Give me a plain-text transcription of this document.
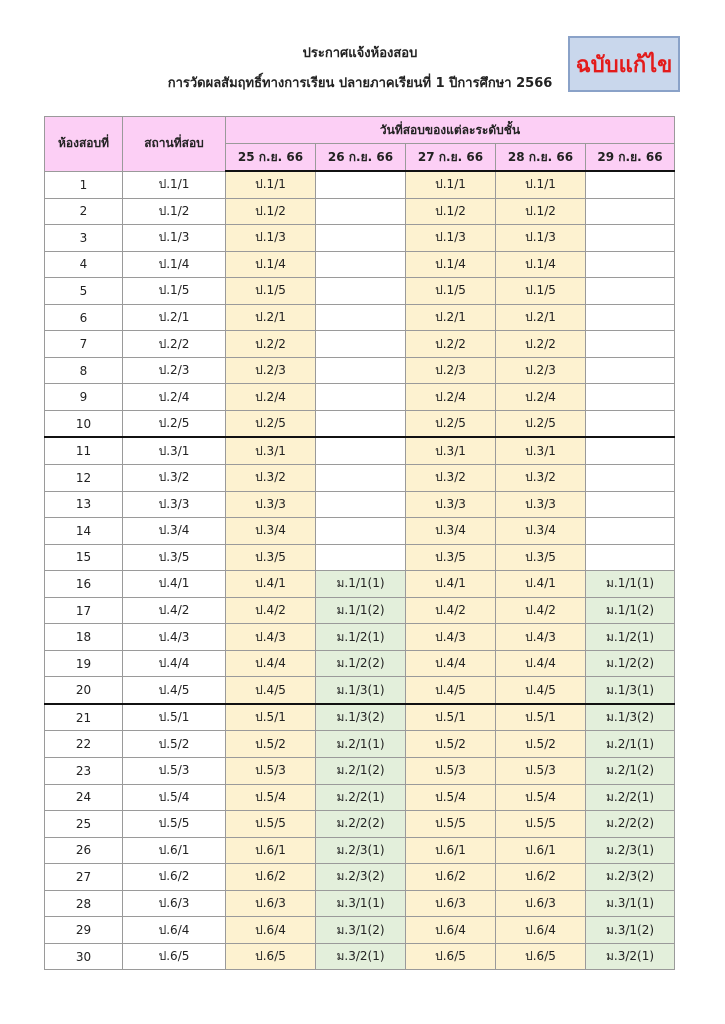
ประกาศแจ้งห้องสอบ
การวัดผลสัมฤทธิ์ทางการเรียน ปลายภาคเรียนที่ 1 ปีการศึกษา 2566
ฉบับแก้ไข
ห้องสอบที่	สถานที่สอบ	วันที่สอบของแต่ละระดับชั้น				
		25 ก.ย. 66	26 ก.ย. 66	27 ก.ย. 66	28 ก.ย. 66	29 ก.ย. 66
1	ป.1/1	ป.1/1		ป.1/1	ป.1/1	
2	ป.1/2	ป.1/2		ป.1/2	ป.1/2	
3	ป.1/3	ป.1/3		ป.1/3	ป.1/3	
4	ป.1/4	ป.1/4		ป.1/4	ป.1/4	
5	ป.1/5	ป.1/5		ป.1/5	ป.1/5	
6	ป.2/1	ป.2/1		ป.2/1	ป.2/1	
7	ป.2/2	ป.2/2		ป.2/2	ป.2/2	
8	ป.2/3	ป.2/3		ป.2/3	ป.2/3	
9	ป.2/4	ป.2/4		ป.2/4	ป.2/4	
10	ป.2/5	ป.2/5		ป.2/5	ป.2/5	
11	ป.3/1	ป.3/1		ป.3/1	ป.3/1	
12	ป.3/2	ป.3/2		ป.3/2	ป.3/2	
13	ป.3/3	ป.3/3		ป.3/3	ป.3/3	
14	ป.3/4	ป.3/4		ป.3/4	ป.3/4	
15	ป.3/5	ป.3/5		ป.3/5	ป.3/5	
16	ป.4/1	ป.4/1	ม.1/1(1)	ป.4/1	ป.4/1	ม.1/1(1)
17	ป.4/2	ป.4/2	ม.1/1(2)	ป.4/2	ป.4/2	ม.1/1(2)
18	ป.4/3	ป.4/3	ม.1/2(1)	ป.4/3	ป.4/3	ม.1/2(1)
19	ป.4/4	ป.4/4	ม.1/2(2)	ป.4/4	ป.4/4	ม.1/2(2)
20	ป.4/5	ป.4/5	ม.1/3(1)	ป.4/5	ป.4/5	ม.1/3(1)
21	ป.5/1	ป.5/1	ม.1/3(2)	ป.5/1	ป.5/1	ม.1/3(2)
22	ป.5/2	ป.5/2	ม.2/1(1)	ป.5/2	ป.5/2	ม.2/1(1)
23	ป.5/3	ป.5/3	ม.2/1(2)	ป.5/3	ป.5/3	ม.2/1(2)
24	ป.5/4	ป.5/4	ม.2/2(1)	ป.5/4	ป.5/4	ม.2/2(1)
25	ป.5/5	ป.5/5	ม.2/2(2)	ป.5/5	ป.5/5	ม.2/2(2)
26	ป.6/1	ป.6/1	ม.2/3(1)	ป.6/1	ป.6/1	ม.2/3(1)
27	ป.6/2	ป.6/2	ม.2/3(2)	ป.6/2	ป.6/2	ม.2/3(2)
28	ป.6/3	ป.6/3	ม.3/1(1)	ป.6/3	ป.6/3	ม.3/1(1)
29	ป.6/4	ป.6/4	ม.3/1(2)	ป.6/4	ป.6/4	ม.3/1(2)
30	ป.6/5	ป.6/5	ม.3/2(1)	ป.6/5	ป.6/5	ม.3/2(1)
